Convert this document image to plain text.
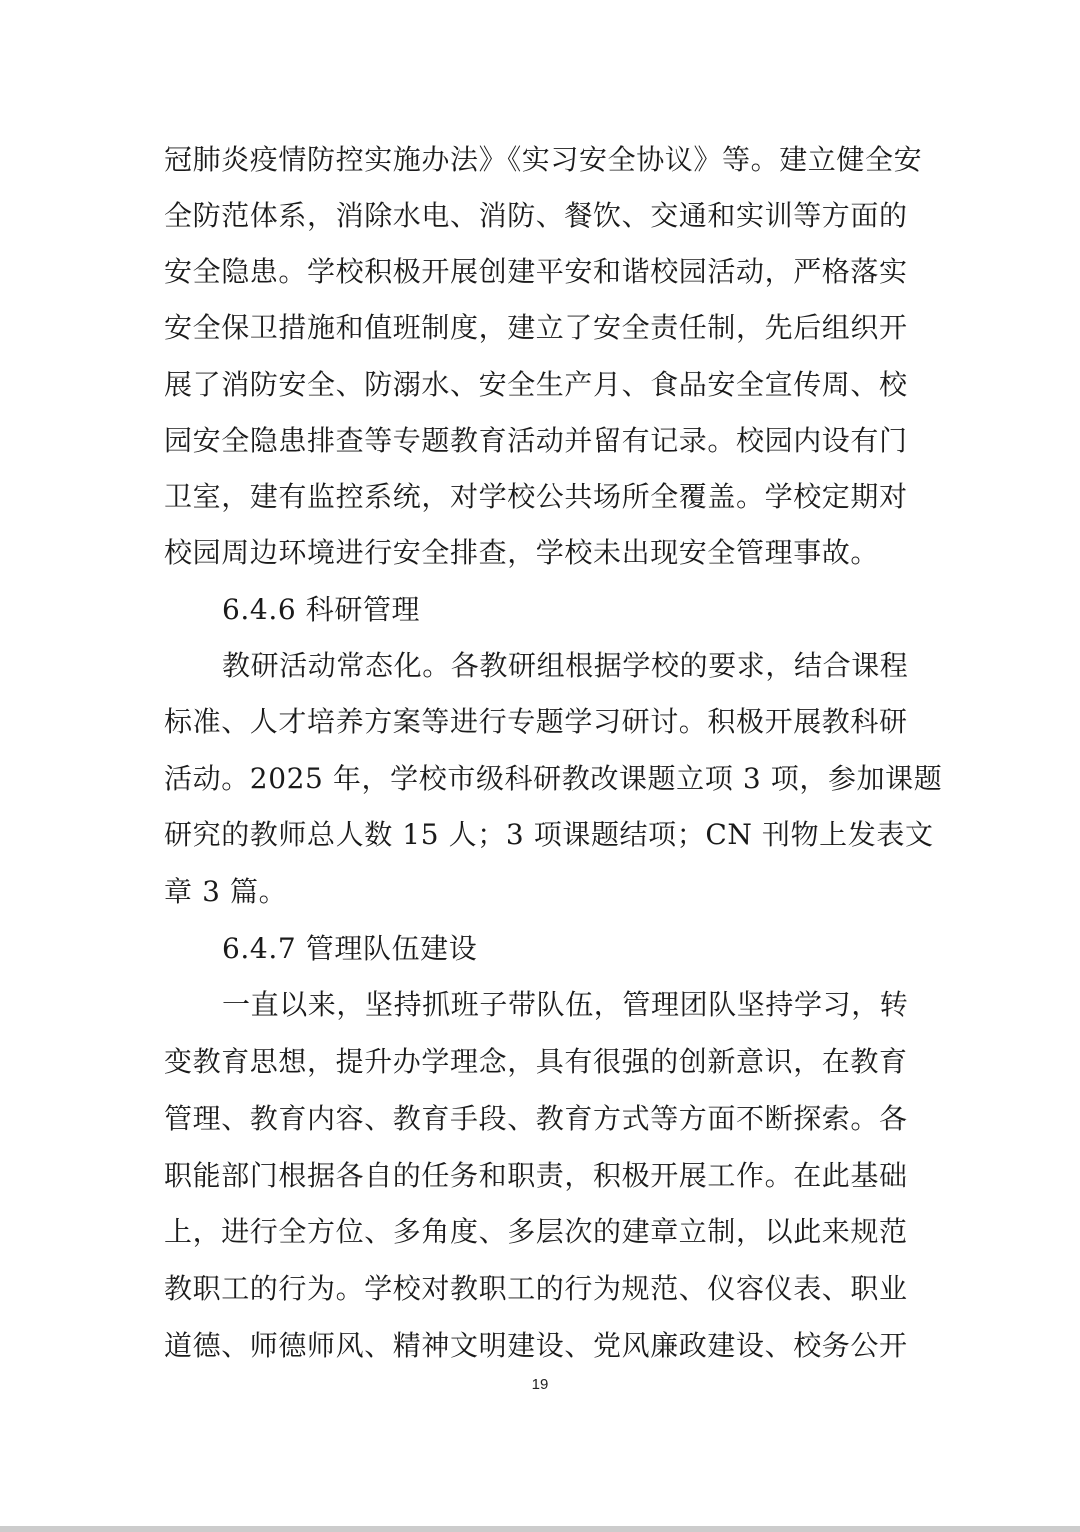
冠肺炎疫情防控实施办法》《实习安全协议》等。建立健全安
全防范体系，消除水电、消防、餐饮、交通和实训等方面的
安全隐患。学校积极开展创建平安和谐校园活动，严格落实
安全保卫措施和值班制度，建立了安全责任制，先后组织开
展了消防安全、防溺水、安全生产月、食品安全宣传周、校
园安全隐患排查等专题教育活动并留有记录。校园内设有门
卫室，建有监控系统，对学校公共场所全覆盖。学校定期对
校园周边环境进行安全排查，学校未出现安全管理事故。
6.4.6 科研管理
教研活动常态化。各教研组根据学校的要求，结合课程
标准、人才培养方案等进行专题学习研讨。积极开展教科研
活动。2025 年，学校市级科研教改课题立项 3 项，参加课题
研究的教师总人数 15 人；3 项课题结项；CN 刊物上发表文
章 3 篇。
6.4.7 管理队伍建设
一直以来，坚持抓班子带队伍，管理团队坚持学习，转
变教育思想，提升办学理念，具有很强的创新意识，在教育
管理、教育内容、教育手段、教育方式等方面不断探索。各
职能部门根据各自的任务和职责，积极开展工作。在此基础
上，进行全方位、多角度、多层次的建章立制，以此来规范
教职工的行为。学校对教职工的行为规范、仪容仪表、职业
道德、师德师风、精神文明建设、党风廉政建设、校务公开
19
